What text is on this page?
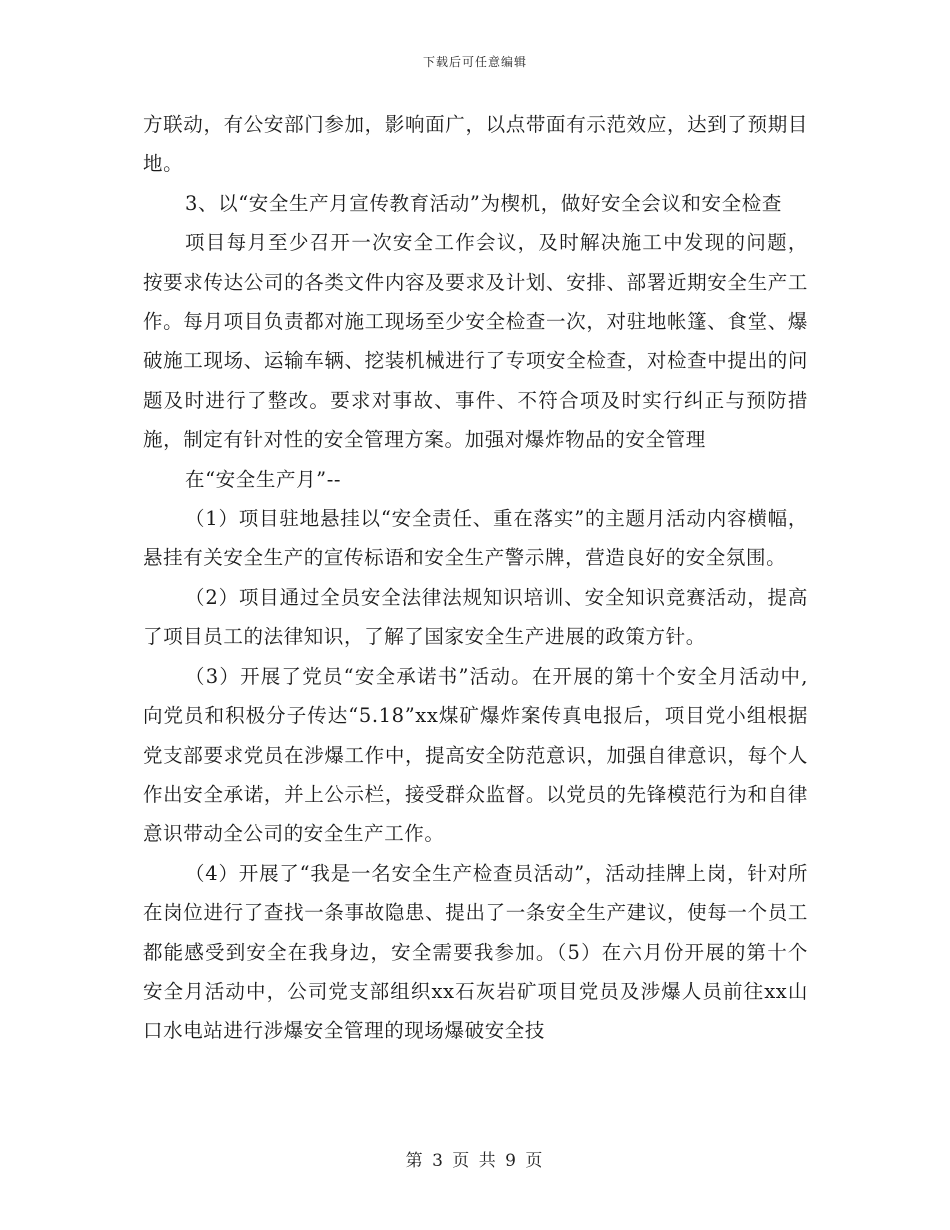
下载后可任意编辑

方联动，有公安部门参加，影响面广，以点带面有示范效应，达到了预期目地。

3、以“安全生产月宣传教育活动”为楔机，做好安全会议和安全检查

项目每月至少召开一次安全工作会议，及时解决施工中发现的问题，按要求传达公司的各类文件内容及要求及计划、安排、部署近期安全生产工作。每月项目负责都对施工现场至少安全检查一次，对驻地帐篷、食堂、爆破施工现场、运输车辆、挖装机械进行了专项安全检查，对检查中提出的问题及时进行了整改。要求对事故、事件、不符合项及时实行纠正与预防措施，制定有针对性的安全管理方案。加强对爆炸物品的安全管理

在“安全生产月”--

（1）项目驻地悬挂以“安全责任、重在落实”的主题月活动内容横幅，悬挂有关安全生产的宣传标语和安全生产警示牌，营造良好的安全氛围。

（2）项目通过全员安全法律法规知识培训、安全知识竞赛活动，提高了项目员工的法律知识，了解了国家安全生产进展的政策方针。

（3）开展了党员“安全承诺书”活动。在开展的第十个安全月活动中,向党员和积极分子传达“5.18”xx煤矿爆炸案传真电报后，项目党小组根据党支部要求党员在涉爆工作中，提高安全防范意识，加强自律意识，每个人作出安全承诺，并上公示栏，接受群众监督。以党员的先锋模范行为和自律意识带动全公司的安全生产工作。

（4）开展了“我是一名安全生产检查员活动”，活动挂牌上岗，针对所在岗位进行了查找一条事故隐患、提出了一条安全生产建议，使每一个员工都能感受到安全在我身边，安全需要我参加。（5）在六月份开展的第十个安全月活动中，公司党支部组织xx石灰岩矿项目党员及涉爆人员前往xx山口水电站进行涉爆安全管理的现场爆破安全技

第 3 页 共 9 页
